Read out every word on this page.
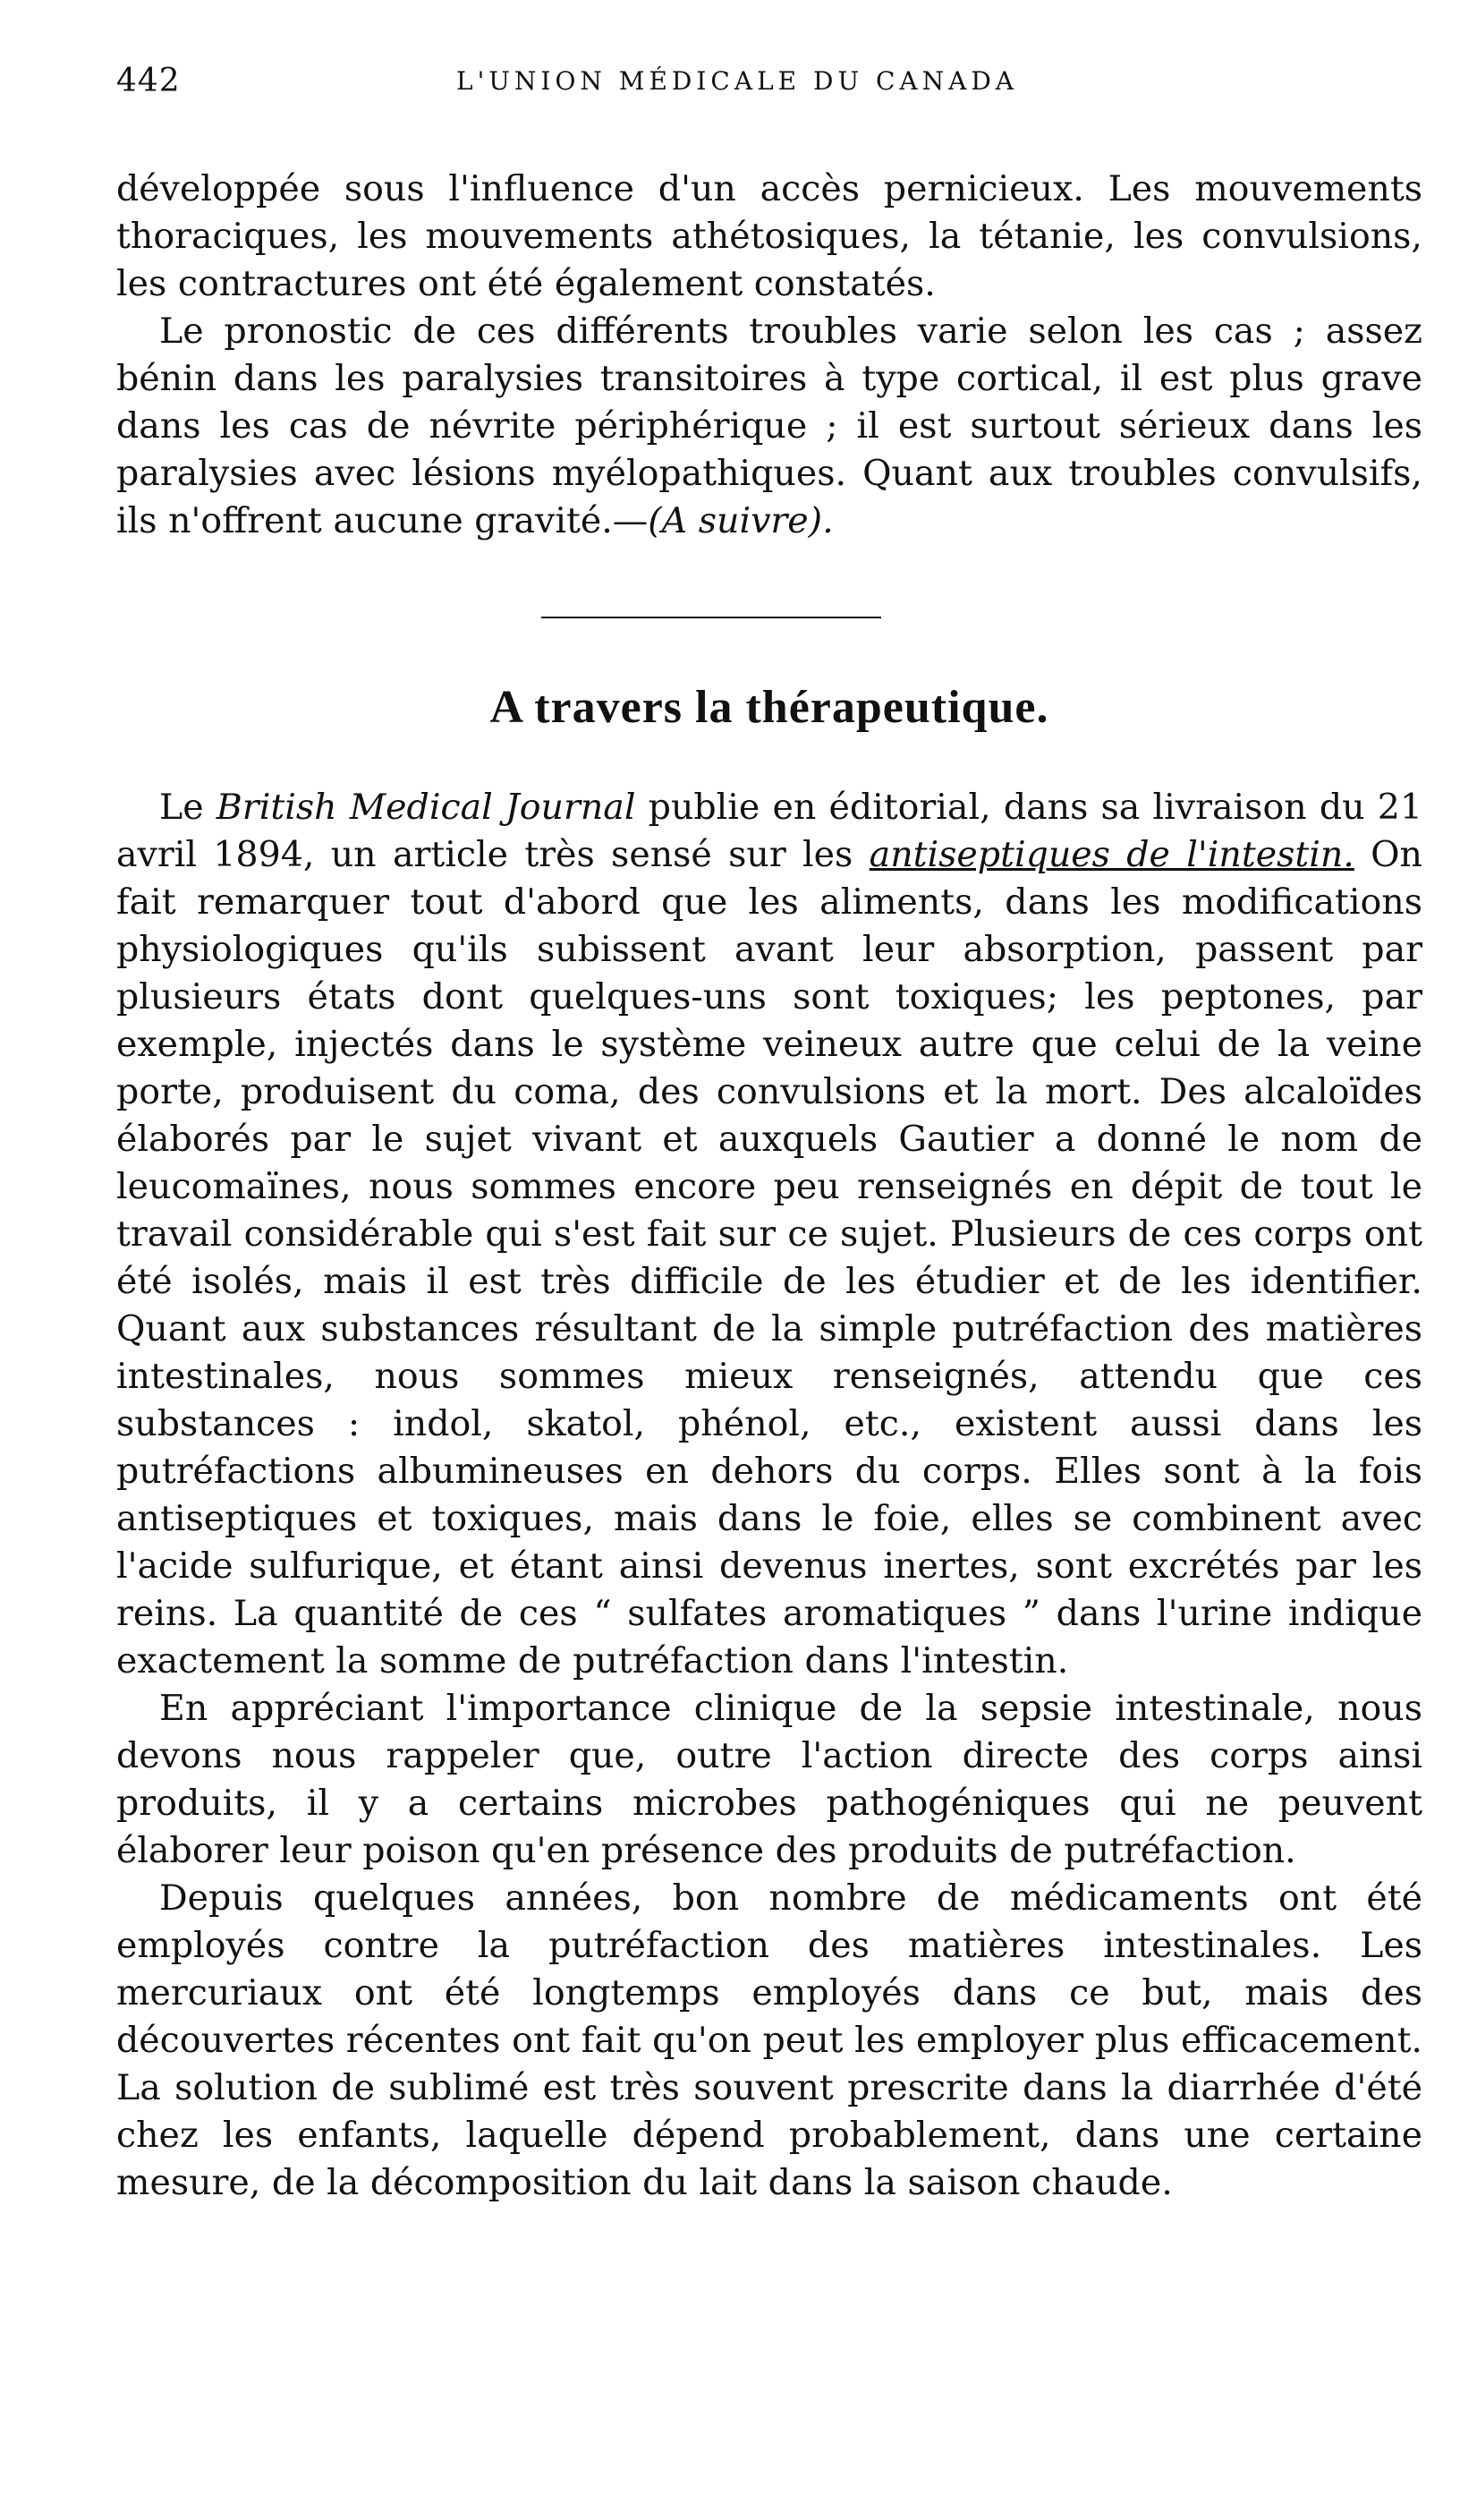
442	L'UNION MÉDICALE DU CANADA

développée sous l'influence d'un accès pernicieux. Les mouvements thoraciques, les mouvements athétosiques, la tétanie, les convulsions, les contractures ont été également constatés.

Le pronostic de ces différents troubles varie selon les cas ; assez bénin dans les paralysies transitoires à type cortical, il est plus grave dans les cas de névrite périphérique ; il est surtout sérieux dans les paralysies avec lésions myélopathiques. Quant aux troubles convulsifs, ils n'offrent aucune gravité.—(A suivre).

A travers la thérapeutique.

Le British Medical Journal publie en éditorial, dans sa livraison du 21 avril 1894, un article très sensé sur les antiseptiques de l'intestin. On fait remarquer tout d'abord que les aliments, dans les modifications physiologiques qu'ils subissent avant leur absorption, passent par plusieurs états dont quelques-uns sont toxiques; les peptones, par exemple, injectés dans le système veineux autre que celui de la veine porte, produisent du coma, des convulsions et la mort. Des alcaloïdes élaborés par le sujet vivant et auxquels Gautier a donné le nom de leucomaïnes, nous sommes encore peu renseignés en dépit de tout le travail considérable qui s'est fait sur ce sujet. Plusieurs de ces corps ont été isolés, mais il est très difficile de les étudier et de les identifier. Quant aux substances résultant de la simple putréfaction des matières intestinales, nous sommes mieux renseignés, attendu que ces substances : indol, skatol, phénol, etc., existent aussi dans les putréfactions albumineuses en dehors du corps. Elles sont à la fois antiseptiques et toxiques, mais dans le foie, elles se combinent avec l'acide sulfurique, et étant ainsi devenus inertes, sont excrétés par les reins. La quantité de ces “ sulfates aromatiques ” dans l'urine indique exactement la somme de putréfaction dans l'intestin.

En appréciant l'importance clinique de la sepsie intestinale, nous devons nous rappeler que, outre l'action directe des corps ainsi produits, il y a certains microbes pathogéniques qui ne peuvent élaborer leur poison qu'en présence des produits de putréfaction.

Depuis quelques années, bon nombre de médicaments ont été employés contre la putréfaction des matières intestinales. Les mercuriaux ont été longtemps employés dans ce but, mais des découvertes récentes ont fait qu'on peut les employer plus efficacement. La solution de sublimé est très souvent prescrite dans la diarrhée d'été chez les enfants, laquelle dépend probablement, dans une certaine mesure, de la décomposition du lait dans la saison chaude.
